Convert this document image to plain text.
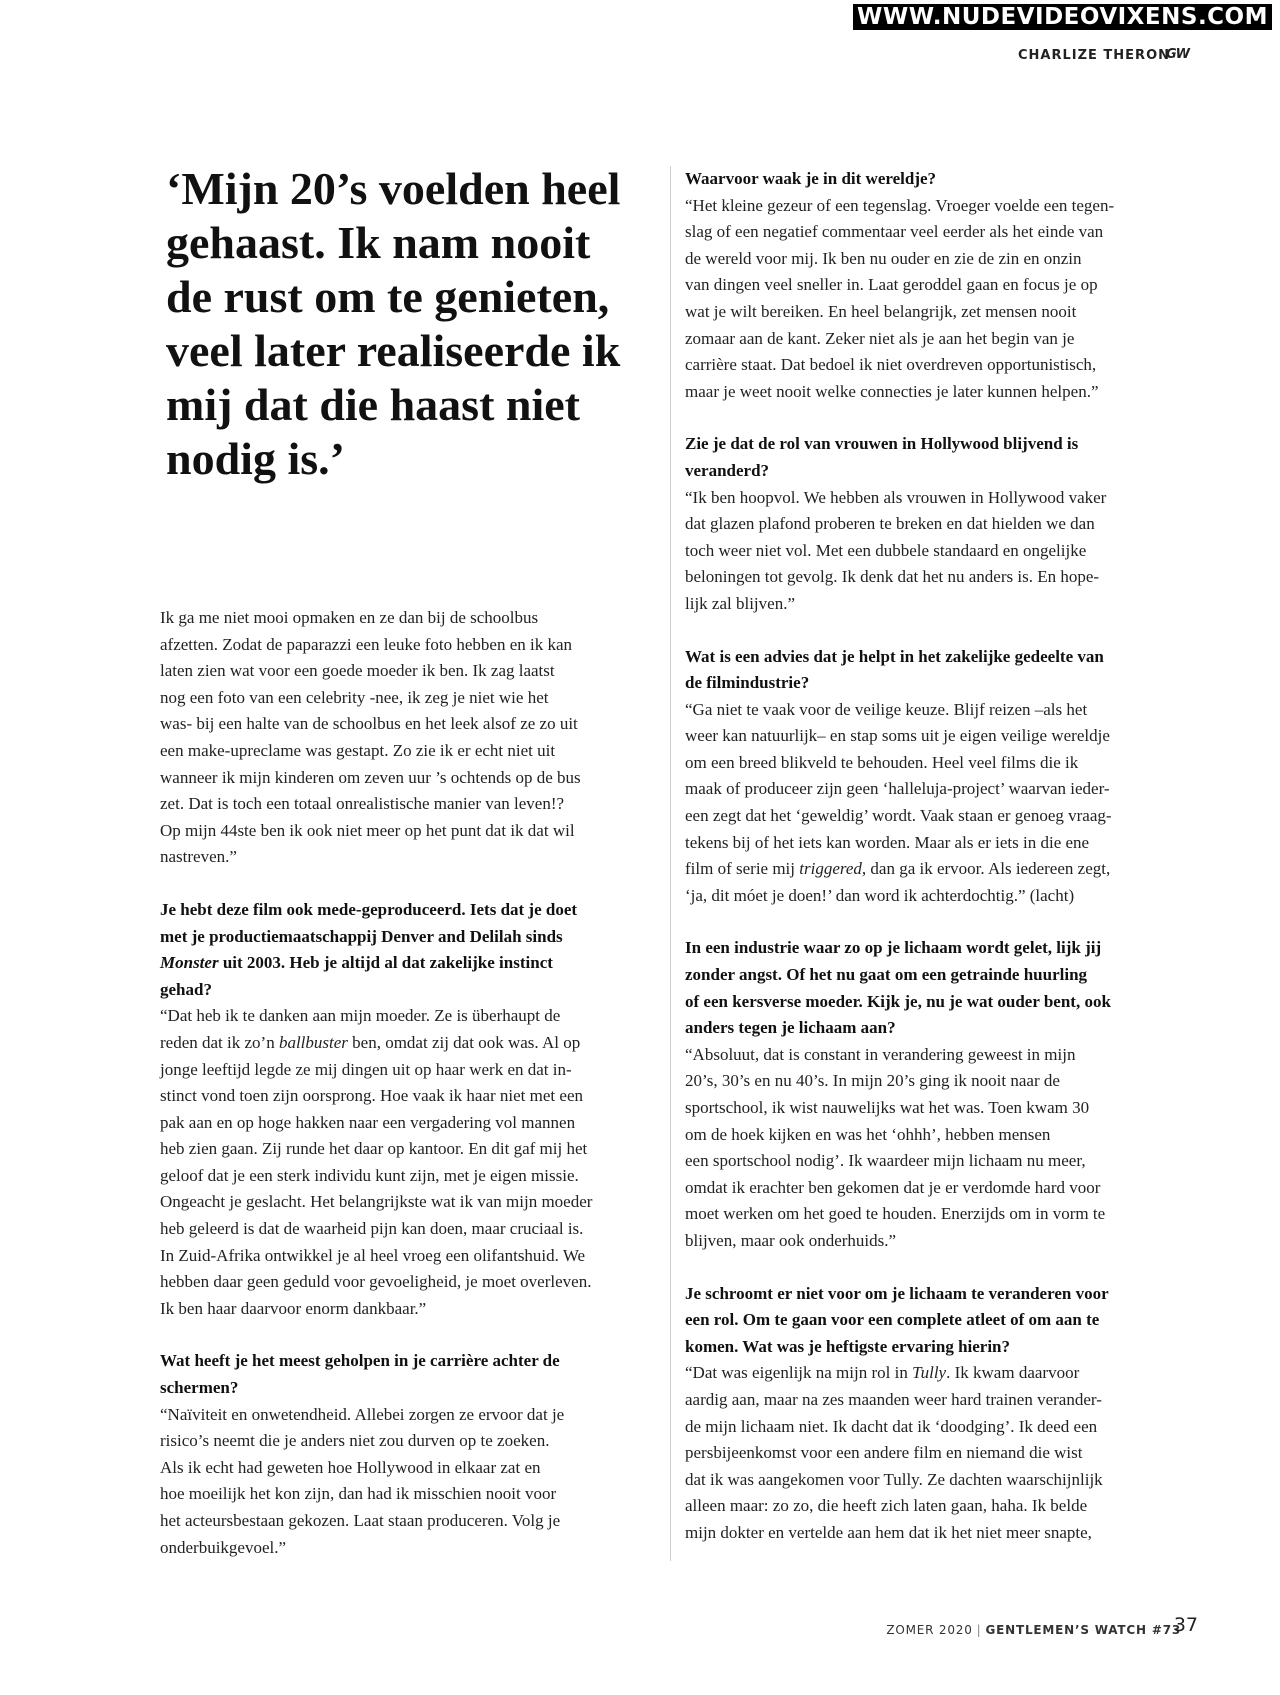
WWW.NUDEVIDEOVIXENS.COM
CHARLIZE THERON
GW
‘Mijn 20’s voelden heel
gehaast. Ik nam nooit
de rust om te genieten,
veel later realiseerde ik
mij dat die haast niet
nodig is.’

Ik ga me niet mooi opmaken en ze dan bij de schoolbus
afzetten. Zodat de paparazzi een leuke foto hebben en ik kan
laten zien wat voor een goede moeder ik ben. Ik zag laatst
nog een foto van een celebrity -nee, ik zeg je niet wie het
was- bij een halte van de schoolbus en het leek alsof ze zo uit
een make-upreclame was gestapt. Zo zie ik er echt niet uit
wanneer ik mijn kinderen om zeven uur ’s ochtends op de bus
zet. Dat is toch een totaal onrealistische manier van leven!?
Op mijn 44ste ben ik ook niet meer op het punt dat ik dat wil
nastreven.”

Je hebt deze film ook mede-geproduceerd. Iets dat je doet
met je productiemaatschappij Denver and Delilah sinds
Monster uit 2003. Heb je altijd al dat zakelijke instinct
gehad?

“Dat heb ik te danken aan mijn moeder. Ze is überhaupt de
reden dat ik zo’n ballbuster ben, omdat zij dat ook was. Al op
jonge leeftijd legde ze mij dingen uit op haar werk en dat in-
stinct vond toen zijn oorsprong. Hoe vaak ik haar niet met een
pak aan en op hoge hakken naar een vergadering vol mannen
heb zien gaan. Zij runde het daar op kantoor. En dit gaf mij het
geloof dat je een sterk individu kunt zijn, met je eigen missie.
Ongeacht je geslacht. Het belangrijkste wat ik van mijn moeder
heb geleerd is dat de waarheid pijn kan doen, maar cruciaal is.
In Zuid-Afrika ontwikkel je al heel vroeg een olifantshuid. We
hebben daar geen geduld voor gevoeligheid, je moet overleven.
Ik ben haar daarvoor enorm dankbaar.”

Wat heeft je het meest geholpen in je carrière achter de
schermen?

“Naïviteit en onwetendheid. Allebei zorgen ze ervoor dat je
risico’s neemt die je anders niet zou durven op te zoeken.
Als ik echt had geweten hoe Hollywood in elkaar zat en
hoe moeilijk het kon zijn, dan had ik misschien nooit voor
het acteursbestaan gekozen. Laat staan produceren. Volg je
onderbuikgevoel.”

Waarvoor waak je in dit wereldje?

“Het kleine gezeur of een tegenslag. Vroeger voelde een tegen-
slag of een negatief commentaar veel eerder als het einde van
de wereld voor mij. Ik ben nu ouder en zie de zin en onzin
van dingen veel sneller in. Laat geroddel gaan en focus je op
wat je wilt bereiken. En heel belangrijk, zet mensen nooit
zomaar aan de kant. Zeker niet als je aan het begin van je
carrière staat. Dat bedoel ik niet overdreven opportunistisch,
maar je weet nooit welke connecties je later kunnen helpen.”

Zie je dat de rol van vrouwen in Hollywood blijvend is
veranderd?

“Ik ben hoopvol. We hebben als vrouwen in Hollywood vaker
dat glazen plafond proberen te breken en dat hielden we dan
toch weer niet vol. Met een dubbele standaard en ongelijke
beloningen tot gevolg. Ik denk dat het nu anders is. En hope-
lijk zal blijven.”

Wat is een advies dat je helpt in het zakelijke gedeelte van
de filmindustrie?

“Ga niet te vaak voor de veilige keuze. Blijf reizen –als het
weer kan natuurlijk– en stap soms uit je eigen veilige wereldje
om een breed blikveld te behouden. Heel veel films die ik
maak of produceer zijn geen ‘halleluja-project’ waarvan ieder-
een zegt dat het ‘geweldig’ wordt. Vaak staan er genoeg vraag-
tekens bij of het iets kan worden. Maar als er iets in die ene
film of serie mij triggered, dan ga ik ervoor. Als iedereen zegt,
‘ja, dit móet je doen!’ dan word ik achterdochtig.” (lacht)

In een industrie waar zo op je lichaam wordt gelet, lijk jij
zonder angst. Of het nu gaat om een getrainde huurling
of een kersverse moeder. Kijk je, nu je wat ouder bent, ook
anders tegen je lichaam aan?

“Absoluut, dat is constant in verandering geweest in mijn
20’s, 30’s en nu 40’s. In mijn 20’s ging ik nooit naar de
sportschool, ik wist nauwelijks wat het was. Toen kwam 30
om de hoek kijken en was het ‘ohhh’, hebben mensen
een sportschool nodig’. Ik waardeer mijn lichaam nu meer,
omdat ik erachter ben gekomen dat je er verdomde hard voor
moet werken om het goed te houden. Enerzijds om in vorm te
blijven, maar ook onderhuids.”

Je schroomt er niet voor om je lichaam te veranderen voor
een rol. Om te gaan voor een complete atleet of om aan te
komen. Wat was je heftigste ervaring hierin?

“Dat was eigenlijk na mijn rol in Tully. Ik kwam daarvoor
aardig aan, maar na zes maanden weer hard trainen verander-
de mijn lichaam niet. Ik dacht dat ik ‘doodging’. Ik deed een
persbijeenkomst voor een andere film en niemand die wist
dat ik was aangekomen voor Tully. Ze dachten waarschijnlijk
alleen maar: zo zo, die heeft zich laten gaan, haha. Ik belde
mijn dokter en vertelde aan hem dat ik het niet meer snapte,

ZOMER 2020 | GENTLEMEN’S WATCH #73
37
